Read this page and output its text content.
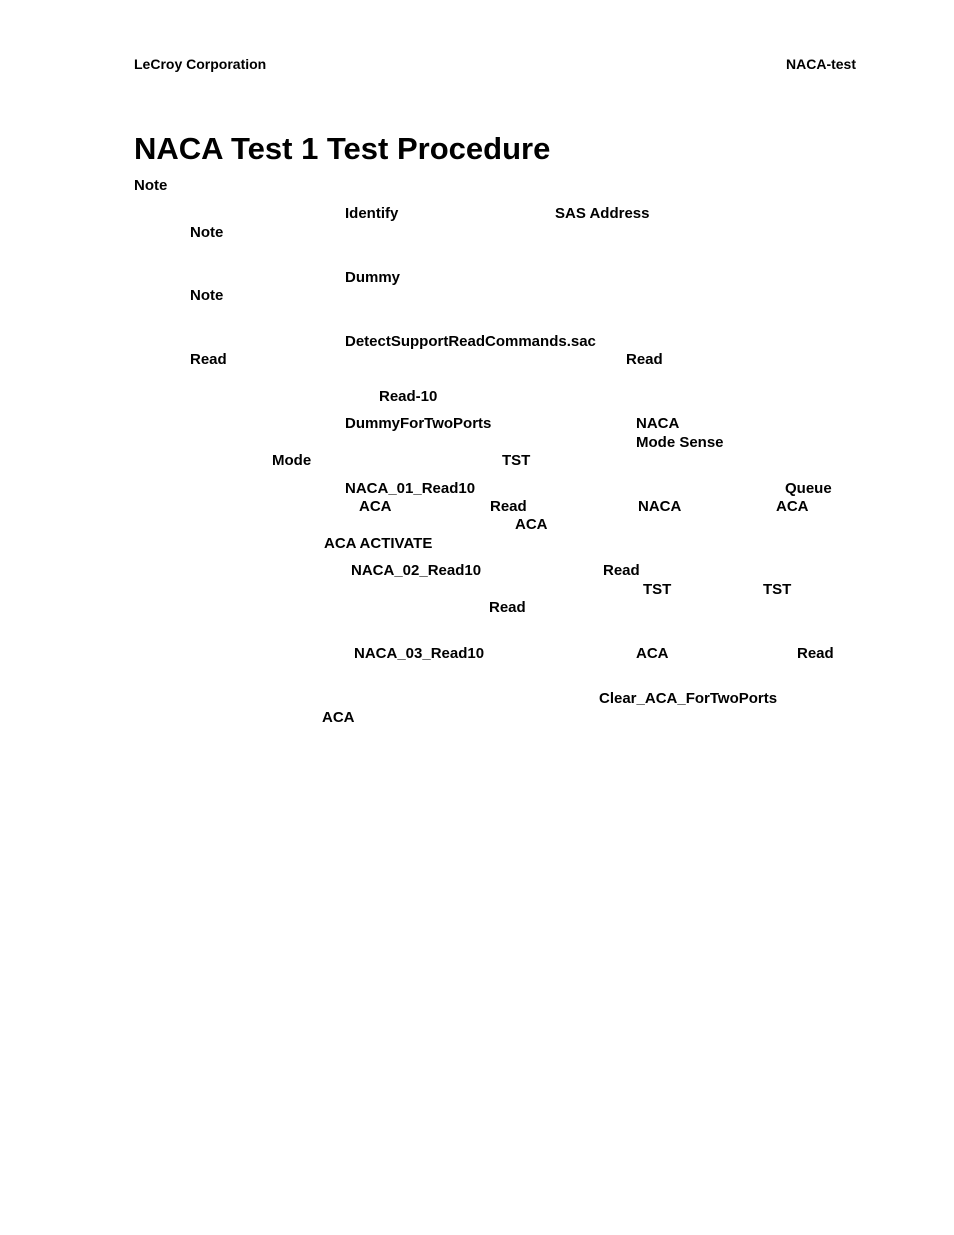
LeCroy Corporation	NACA-test
NACA Test 1 Test Procedure
Note
Identify	SAS Address
Note
Dummy
Note
DetectSupportReadCommands.sac
Read	Read
Read-10
DummyForTwoPorts	NACA
Mode Sense
Mode	TST
NACA_01_Read10	Queue
ACA	Read	NACA	ACA
ACA
ACA ACTIVATE
NACA_02_Read10	Read
TST	TST
Read
NACA_03_Read10	ACA	Read
Clear_ACA_ForTwoPorts
ACA
